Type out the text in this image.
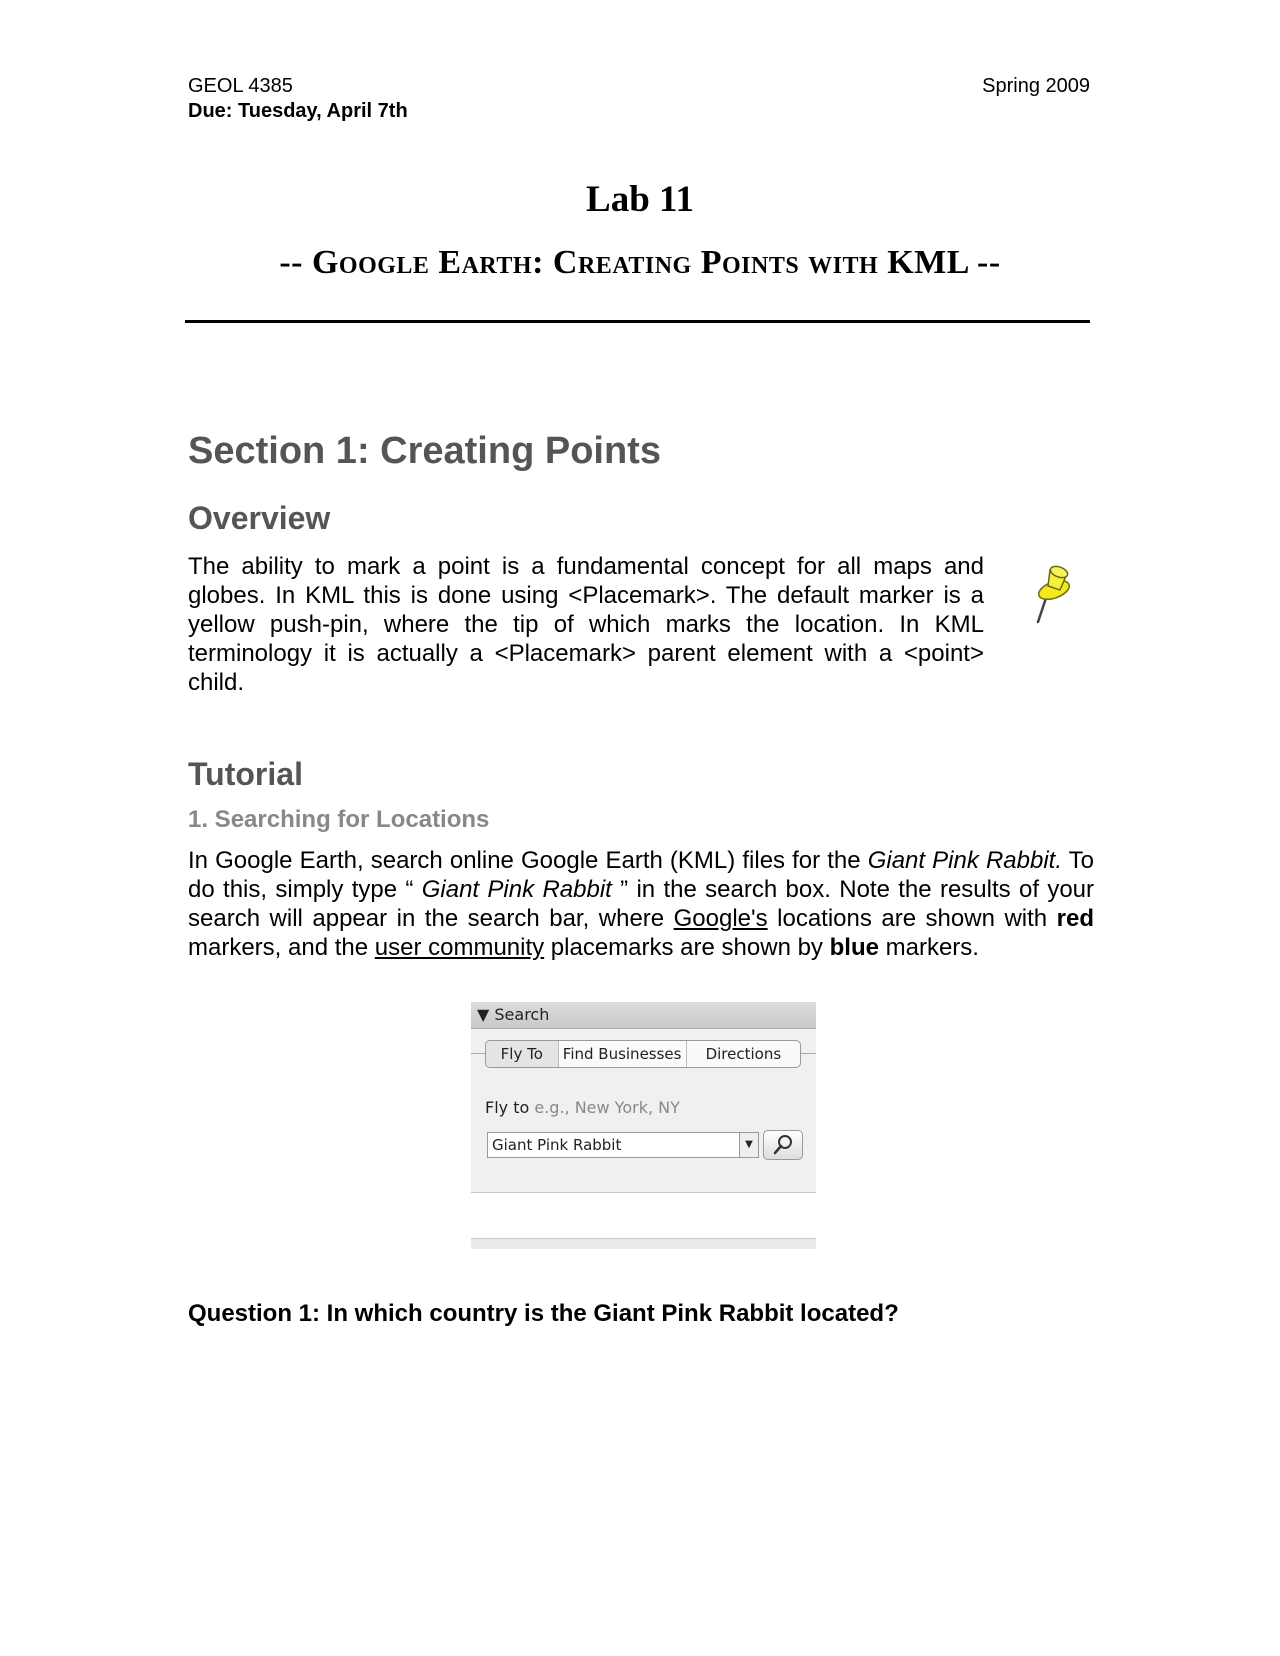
GEOL 4385	Spring 2009
Due: Tuesday, April 7th
Lab 11
-- Google Earth: Creating Points with KML --
Section 1: Creating Points
Overview
The ability to mark a point is a fundamental concept for all maps and globes. In KML this is done using <Placemark>. The default marker is a yellow push-pin, where the tip of which marks the location. In KML terminology it is actually a <Placemark> parent element with a <point> child.
Tutorial
1. Searching for Locations
In Google Earth, search online Google Earth (KML) files for the Giant Pink Rabbit. To do this, simply type “ Giant Pink Rabbit ” in the search box. Note the results of your search will appear in the search bar, where Google's locations are shown with red markers, and the user community placemarks are shown by blue markers.
▼ Search
Fly To	Find Businesses	Directions
Fly to e.g., New York, NY
Giant Pink Rabbit	▼
Question 1: In which country is the Giant Pink Rabbit located?
